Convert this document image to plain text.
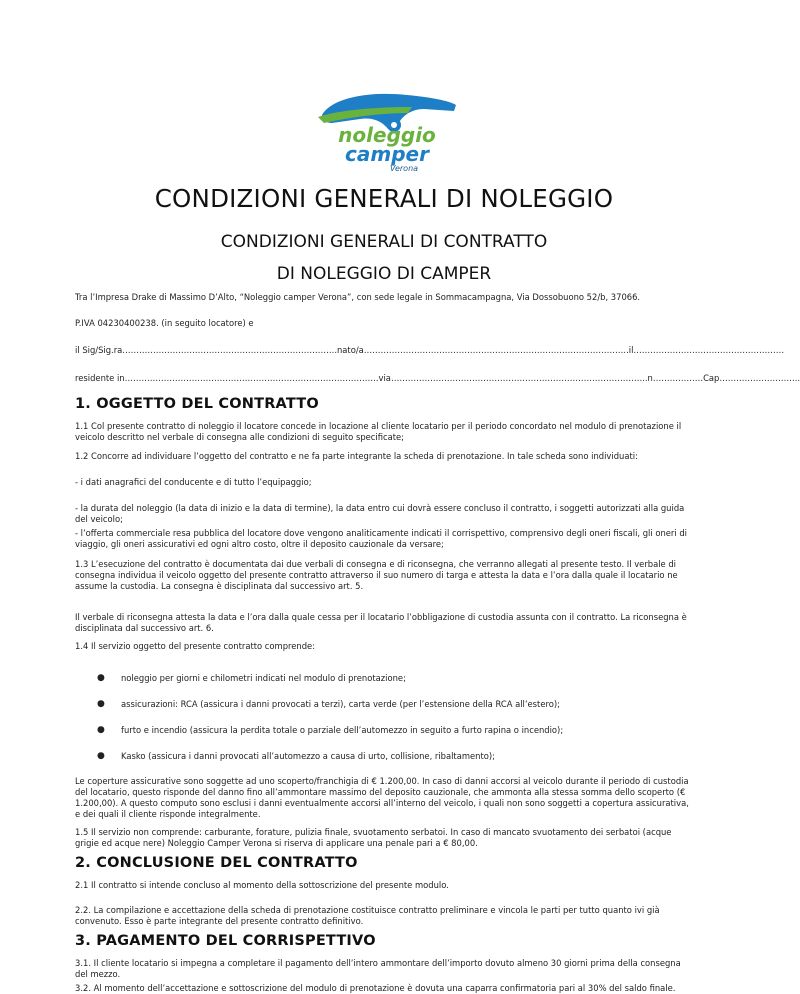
noleggio
camper
Verona
CONDIZIONI GENERALI DI NOLEGGIO
CONDIZIONI GENERALI DI CONTRATTO
DI NOLEGGIO DI CAMPER

Tra l’Impresa Drake di Massimo D’Alto, “Noleggio camper Verona”, con sede legale in Sommacampagna, Via Dossobuono 52/b, 37066.

P.IVA 04230400238. (in seguito locatore) e

il Sig/Sig.ra…………………………………………………………………..nato/a…………………………………………………………………………………..il………………………………………………

residente in……………………………………………………………………………….via………………………………………………………………………………..n………………Cap………………………..

1. OGGETTO DEL CONTRATTO

1.1 Col presente contratto di noleggio il locatore concede in locazione al cliente locatario per il periodo concordato nel modulo di prenotazione il veicolo descritto nel verbale di consegna alle condizioni di seguito specificate;

1.2 Concorre ad individuare l’oggetto del contratto e ne fa parte integrante la scheda di prenotazione. In tale scheda sono individuati:

- i dati anagrafici del conducente e di tutto l’equipaggio;

- la durata del noleggio (la data di inizio e la data di termine), la data entro cui dovrà essere concluso il contratto, i soggetti autorizzati alla guida del veicolo;

- l’offerta commerciale resa pubblica del locatore dove vengono analiticamente indicati il corrispettivo, comprensivo degli oneri fiscali, gli oneri di viaggio, gli oneri assicurativi ed ogni altro costo, oltre il deposito cauzionale da versare;

1.3 L’esecuzione del contratto è documentata dai due verbali di consegna e di riconsegna, che verranno allegati al presente testo. Il verbale di consegna individua il veicolo oggetto del presente contratto attraverso il suo numero di targa e attesta la data e l’ora dalla quale il locatario ne assume la custodia. La consegna è disciplinata dal successivo art. 5.

Il verbale di riconsegna attesta la data e l’ora dalla quale cessa per il locatario l’obbligazione di custodia assunta con il contratto. La riconsegna è disciplinata dal successivo art. 6.

1.4 Il servizio oggetto del presente contratto comprende:

● noleggio per giorni e chilometri indicati nel modulo di prenotazione;

● assicurazioni: RCA (assicura i danni provocati a terzi), carta verde (per l’estensione della RCA all’estero);

● furto e incendio (assicura la perdita totale o parziale dell’automezzo in seguito a furto rapina o incendio);

● Kasko (assicura i danni provocati all’automezzo a causa di urto, collisione, ribaltamento);

Le coperture assicurative sono soggette ad uno scoperto/franchigia di € 1.200,00. In caso di danni accorsi al veicolo durante il periodo di custodia del locatario, questo risponde del danno fino all’ammontare massimo del deposito cauzionale, che ammonta alla stessa somma dello scoperto (€ 1.200,00). A questo computo sono esclusi i danni eventualmente accorsi all’interno del veicolo, i quali non sono soggetti a copertura assicurativa, e dei quali il cliente risponde integralmente.

1.5 Il servizio non comprende: carburante, forature, pulizia finale, svuotamento serbatoi. In caso di mancato svuotamento dei serbatoi (acque grigie ed acque nere) Noleggio Camper Verona si riserva di applicare una penale pari a € 80,00.

2. CONCLUSIONE DEL CONTRATTO

2.1 Il contratto si intende concluso al momento della sottoscrizione del presente modulo.

2.2. La compilazione e accettazione della scheda di prenotazione costituisce contratto preliminare e vincola le parti per tutto quanto ivi già convenuto. Esso è parte integrante del presente contratto definitivo.

3. PAGAMENTO DEL CORRISPETTIVO

3.1. Il cliente locatario si impegna a completare il pagamento dell’intero ammontare dell’importo dovuto almeno 30 giorni prima della consegna del mezzo.

3.2. Al momento dell’accettazione e sottoscrizione del modulo di prenotazione è dovuta una caparra confirmatoria pari al 30% del saldo finale.
